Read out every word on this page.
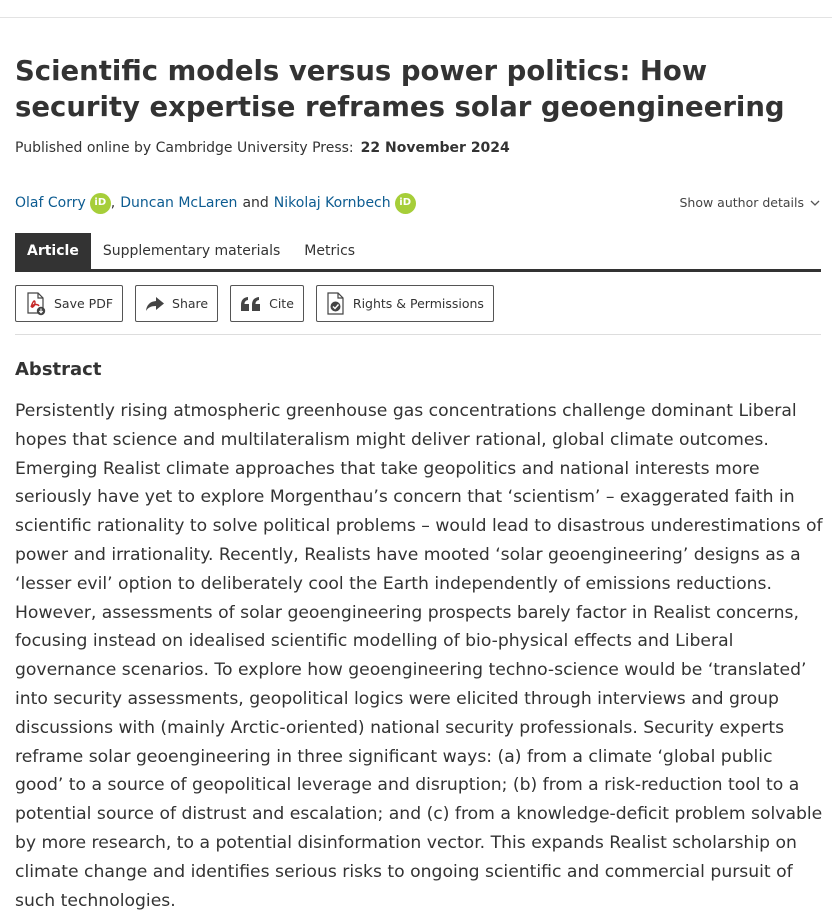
Scientific models versus power politics: How security expertise reframes solar geoengineering
Published online by Cambridge University Press: 22 November 2024
Olaf Corry iD , Duncan McLaren and Nikolaj Kornbech iD	Show author details
Article	Supplementary materials	Metrics
Save PDF	Share	Cite	Rights & Permissions
Abstract

Persistently rising atmospheric greenhouse gas concentrations challenge dominant Liberal hopes that science and multilateralism might deliver rational, global climate outcomes. Emerging Realist climate approaches that take geopolitics and national interests more seriously have yet to explore Morgenthau’s concern that ‘scientism’ – exaggerated faith in scientific rationality to solve political problems – would lead to disastrous underestimations of power and irrationality. Recently, Realists have mooted ‘solar geoengineering’ designs as a ‘lesser evil’ option to deliberately cool the Earth independently of emissions reductions. However, assessments of solar geoengineering prospects barely factor in Realist concerns, focusing instead on idealised scientific modelling of bio-physical effects and Liberal governance scenarios. To explore how geoengineering techno-science would be ‘translated’ into security assessments, geopolitical logics were elicited through interviews and group discussions with (mainly Arctic-oriented) national security professionals. Security experts reframe solar geoengineering in three significant ways: (a) from a climate ‘global public good’ to a source of geopolitical leverage and disruption; (b) from a risk-reduction tool to a potential source of distrust and escalation; and (c) from a knowledge-deficit problem solvable by more research, to a potential disinformation vector. This expands Realist scholarship on climate change and identifies serious risks to ongoing scientific and commercial pursuit of such technologies.
